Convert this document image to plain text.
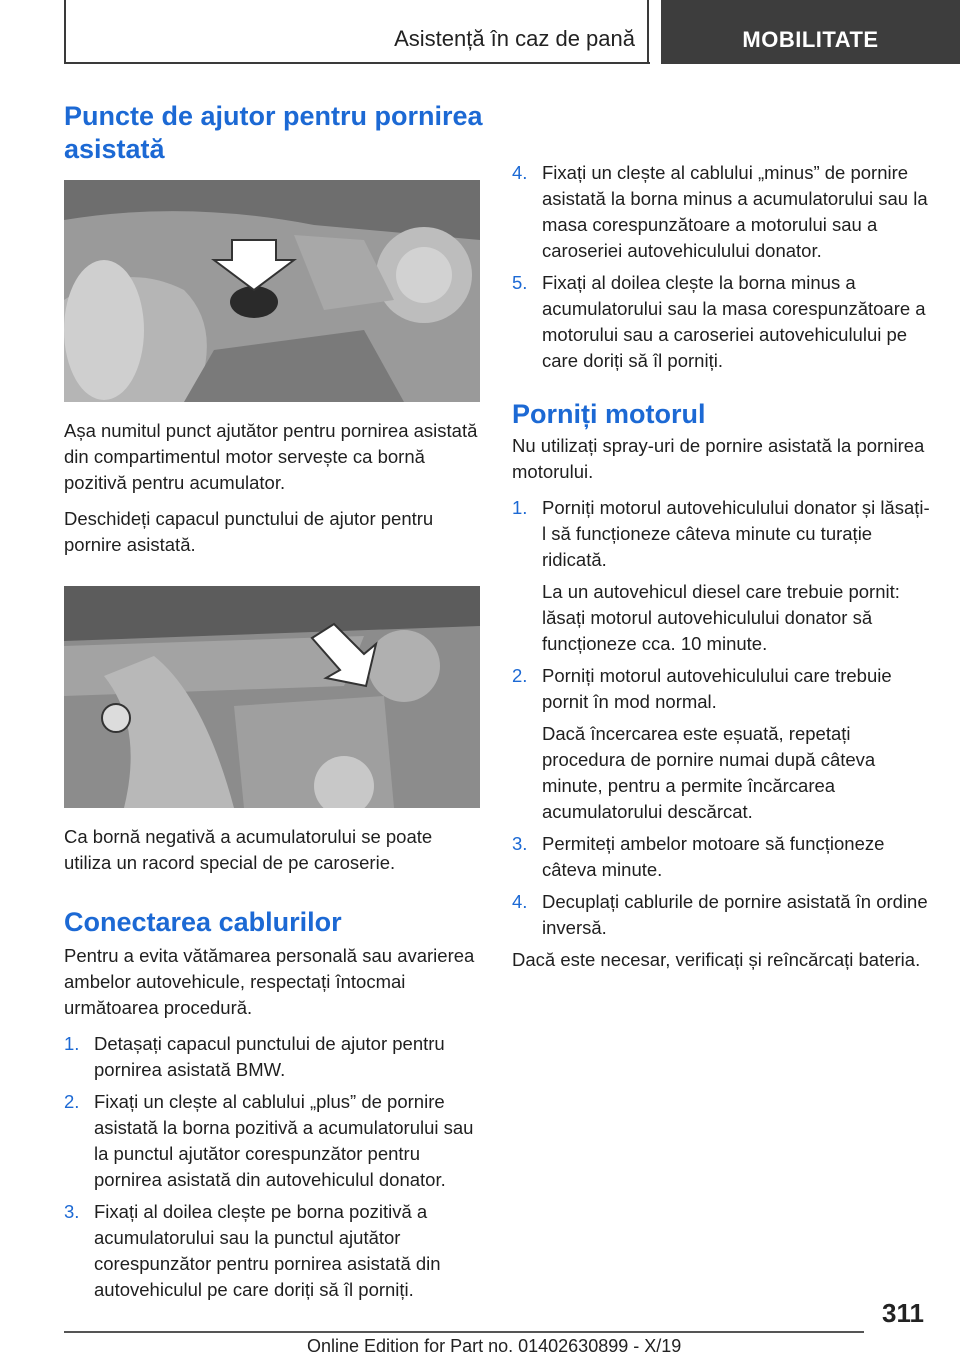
Asistență în caz de pană	MOBILITATE
Puncte de ajutor pentru pornirea asistată

Așa numitul punct ajutător pentru pornirea asistată din compartimentul motor servește ca bornă pozitivă pentru acumulator.

Deschideți capacul punctului de ajutor pentru pornire asistată.

Ca bornă negativă a acumulatorului se poate utiliza un racord special de pe caroserie.

Conectarea cablurilor

Pentru a evita vătămarea personală sau avarierea ambelor autovehicule, respectați întocmai următoarea procedură.

1. Detașați capacul punctului de ajutor pentru pornirea asistată BMW.
2. Fixați un clește al cablului „plus” de pornire asistată la borna pozitivă a acumulatorului sau la punctul ajutător corespunzător pentru pornirea asistată din autovehiculul donator.
3. Fixați al doilea clește pe borna pozitivă a acumulatorului sau la punctul ajutător corespunzător pentru pornirea asistată din autovehiculul pe care doriți să îl porniți.
4. Fixați un clește al cablului „minus” de pornire asistată la borna minus a acumulatorului sau la masa corespunzătoare a motorului sau a caroseriei autovehiculului donator.
5. Fixați al doilea clește la borna minus a acumulatorului sau la masa corespunzătoare a motorului sau a caroseriei autovehiculului pe care doriți să îl porniți.
Porniți motorul

Nu utilizați spray-uri de pornire asistată la pornirea motorului.

1. Porniți motorul autovehiculului donator și lăsați-l să funcționeze câteva minute cu turație ridicată.
La un autovehicul diesel care trebuie pornit: lăsați motorul autovehiculului donator să funcționeze cca. 10 minute.
2. Porniți motorul autovehiculului care trebuie pornit în mod normal.
Dacă încercarea este eșuată, repetați procedura de pornire numai după câteva minute, pentru a permite încărcarea acumulatorului descărcat.
3. Permiteți ambelor motoare să funcționeze câteva minute.
4. Decuplați cablurile de pornire asistată în ordine inversă.

Dacă este necesar, verificați și reîncărcați bateria.

311
Online Edition for Part no. 01402630899 - X/19
